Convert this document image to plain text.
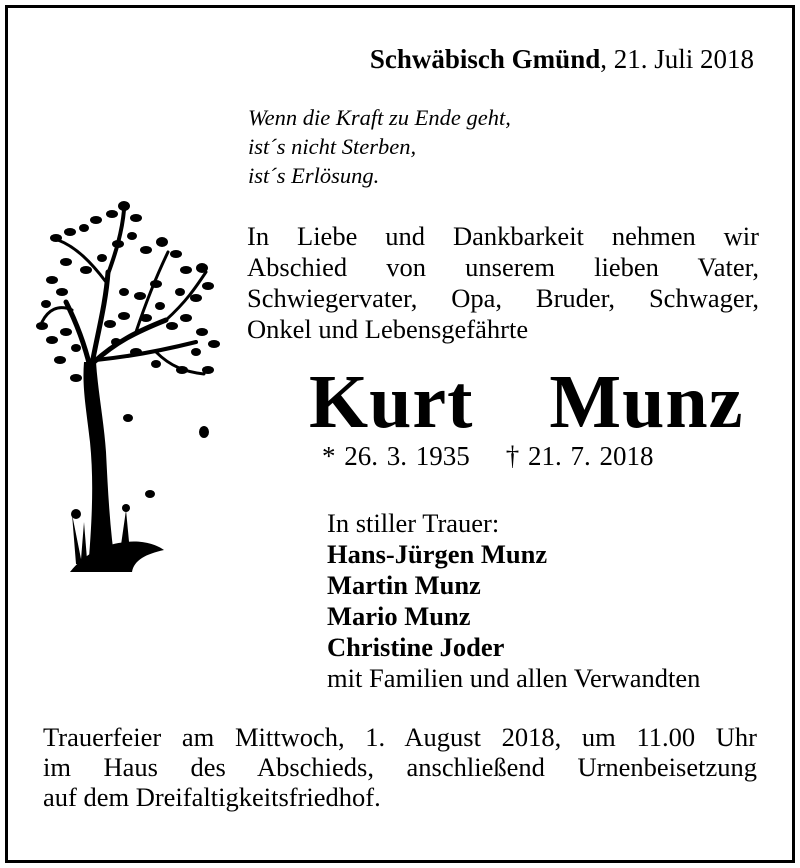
Schwäbisch Gmünd, 21. Juli 2018
Wenn die Kraft zu Ende geht,
ist´s nicht Sterben,
ist´s Erlösung.
In Liebe und Dankbarkeit nehmen wir
Abschied von unserem lieben Vater,
Schwiegervater, Opa, Bruder, Schwager,
Onkel und Lebensgefährte
Kurt  Munz
* 26. 3. 1935 † 21. 7. 2018
In stiller Trauer:
Hans-Jürgen Munz
Martin Munz
Mario Munz
Christine Joder
mit Familien und allen Verwandten
Trauerfeier am Mittwoch, 1. August 2018, um 11.00 Uhr
im Haus des Abschieds, anschließend Urnenbeisetzung
auf dem Dreifaltigkeitsfriedhof.
